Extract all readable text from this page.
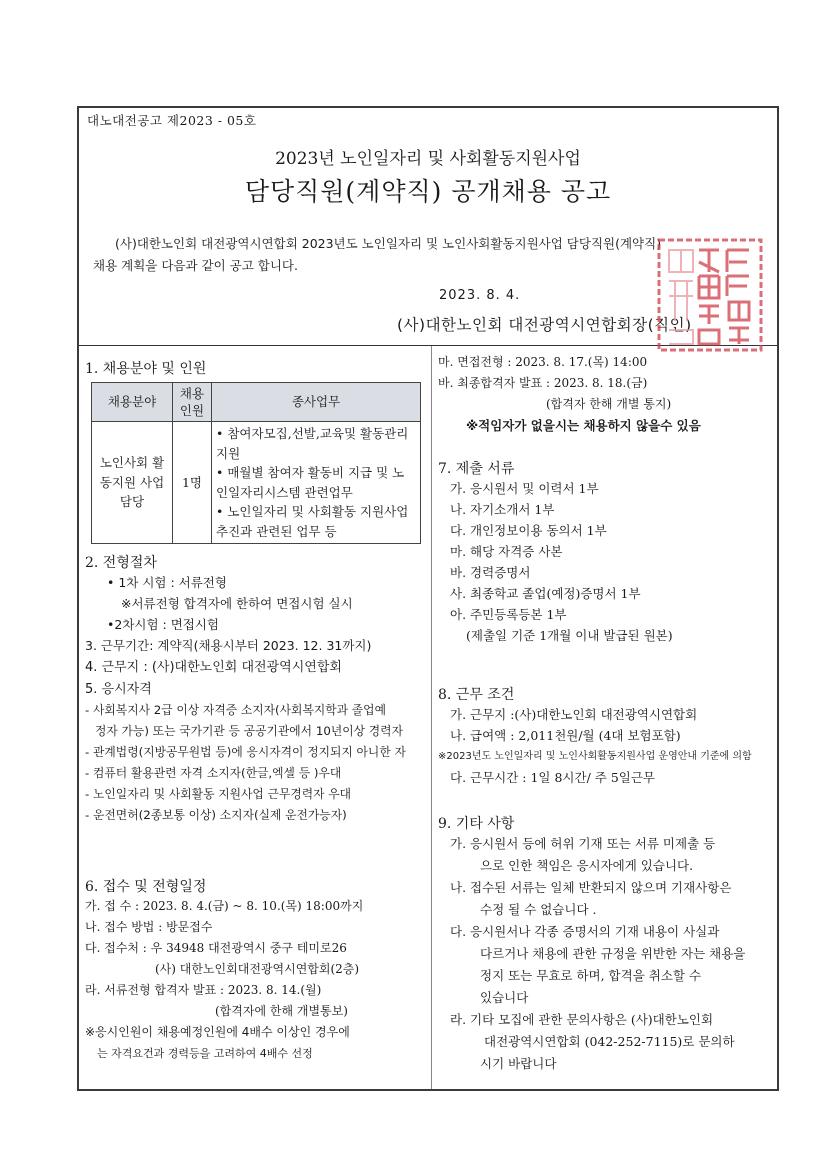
대노대전공고 제2023 - 05호
2023년 노인일자리 및 사회활동지원사업
담당직원(계약직) 공개채용 공고
(사)대한노인회 대전광역시연합회 2023년도 노인일자리 및 노인사회활동지원사업 담당직원(계약직)
채용 계획을 다음과 같이 공고 합니다.
2023. 8. 4.
(사)대한노인회 대전광역시연합회장(직인)
1. 채용분야 및 인원
채용분야	채용 인원	종사업무
노인사회 활동지원 사업담당	1명	• 참여자모집,선발,교육및 활동관리지원
• 매월별 참여자 활동비 지급 및 노인일자리시스템 관련업무
• 노인일자리 및 사회활동 지원사업 추진과 관련된 업무 등
2. 전형절차
• 1차 시험 : 서류전형
※서류전형 합격자에 한하여 면접시험 실시
•2차시험 : 면접시험
3. 근무기간: 계약직(채용시부터 2023. 12. 31까지)
4. 근무지 : (사)대한노인회 대전광역시연합회
5. 응시자격
- 사회복지사 2급 이상 자격증 소지자(사회복지학과 졸업예
정자 가능) 또는 국가기관 등 공공기관에서 10년이상 경력자
- 관계법령(지방공무원법 등)에 응시자격이 정지되지 아니한 자
- 컴퓨터 활용관련 자격 소지자(한글,엑셀 등 )우대
- 노인일자리 및 사회활동 지원사업 근무경력자 우대
- 운전면허(2종보통 이상) 소지자(실제 운전가능자)
6. 접수 및 전형일정
가. 접 수 : 2023. 8. 4.(금) ~ 8. 10.(목) 18:00까지
나. 접수 방법 : 방문접수
다. 접수처 : 우 34948 대전광역시 중구 테미로26
(사) 대한노인회대전광역시연합회(2층)
라. 서류전형 합격자 발표 : 2023. 8. 14.(월)
(합격자에 한해 개별통보)
※응시인원이 채용예정인원에 4배수 이상인 경우에
는 자격요건과 경력등을 고려하여 4배수 선정
마. 면접전형 : 2023. 8. 17.(목) 14:00
바. 최종합격자 발표 : 2023. 8. 18.(금)
(합격자 한해 개별 통지)
※적임자가 없을시는 채용하지 않을수 있음
7. 제출 서류
가. 응시원서 및 이력서 1부
나. 자기소개서 1부
다. 개인정보이용 동의서 1부
마. 해당 자격증 사본
바. 경력증명서
사. 최종학교 졸업(예정)증명서 1부
아. 주민등록등본 1부
(제출일 기준 1개월 이내 발급된 원본)
8. 근무 조건
가. 근무지 :(사)대한노인회 대전광역시연합회
나. 급여액 : 2,011천원/월 (4대 보험포함)
※2023년도 노인일자리 및 노인사회활동지원사업 운영안내 기준에 의함
다. 근무시간 : 1일 8시간/ 주 5일근무
9. 기타 사항
가. 응시원서 등에 허위 기재 또는 서류 미제출 등
으로 인한 책임은 응시자에게 있습니다.
나. 접수된 서류는 일체 반환되지 않으며 기재사항은
수정 될 수 없습니다 .
다. 응시원서나 각종 증명서의 기재 내용이 사실과
다르거나 채용에 관한 규정을 위반한 자는 채용을
정지 또는 무효로 하며, 합격을 취소할 수
있습니다
라. 기타 모집에 관한 문의사항은 (사)대한노인회
대전광역시연합회 (042-252-7115)로 문의하
시기 바랍니다
